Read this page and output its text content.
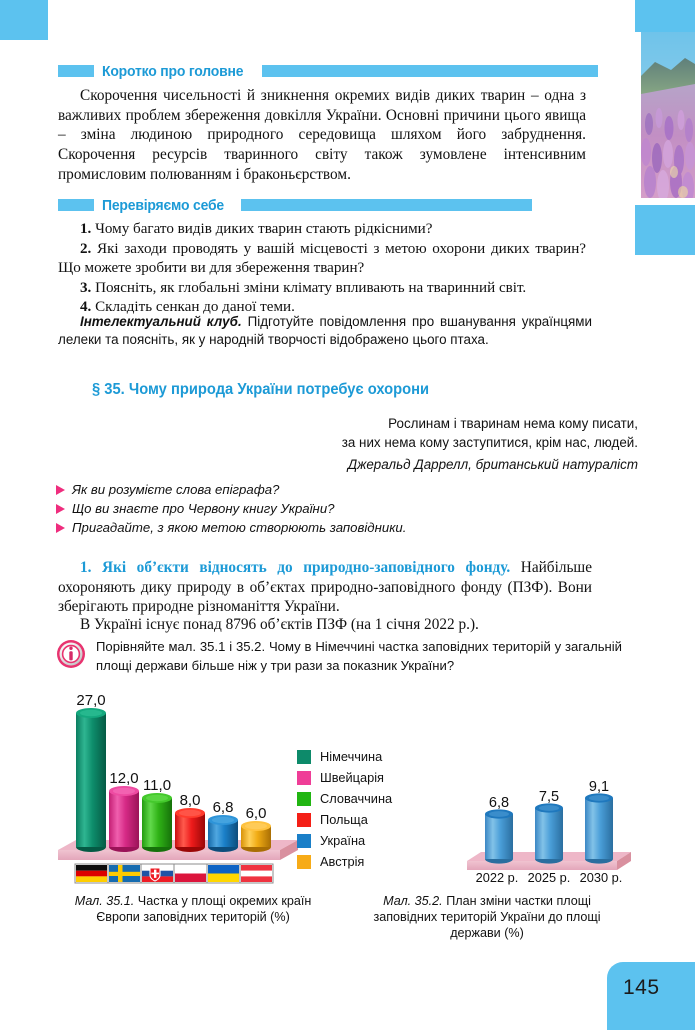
Коротко про головне
Скорочення чисельності й зникнення окремих видів диких тварин – одна з важливих проблем збереження довкілля України. Основні причини цього явища – зміна людиною природного середовища шляхом його забруднення. Скорочення ресурсів тваринного світу також зумовлене інтенсивним промисловим полюванням і браконьєрством.
Перевіряємо себе
1. Чому багато видів диких тварин стають рідкісними?
2. Які заходи проводять у вашій місцевості з метою охорони диких тварин? Що можете зробити ви для збереження тварин?
3. Поясніть, як глобальні зміни клімату впливають на тваринний світ.
4. Складіть сенкан до даної теми.
Інтелектуальний клуб. Підготуйте повідомлення про вшанування українцями лелеки та поясніть, як у народній творчості відображено цього птаха.
§ 35. Чому природа України потребує охорони
Рослинам і тваринам нема кому писати,
за них нема кому заступитися, крім нас, людей.
Джеральд Даррелл, британський натураліст
Як ви розумієте слова епіграфа?
Що ви знаєте про Червону книгу України?
Пригадайте, з якою метою створюють заповідники.
1. Які об’єкти відносять до природно-заповідного фонду. Найбільше охороняють дику природу в об’єктах природно-заповідного фонду (ПЗФ). Вони зберігають природне різноманіття України.
В Україні існує понад 8796 об’єктів ПЗФ (на 1 січня 2022 р.).
Порівняйте мал. 35.1 і 35.2. Чому в Німеччині частка заповідних територій у загальній площі держави більше ніж у три рази за показник України?
27,0
12,0 11,0
8,0 6,8 6,0
Німеччина
Швейцарія
Словаччина
Польща
Україна
Австрія
6,8 7,5
9,1
2022 р. 2025 р. 2030 р.
Мал. 35.1. Частка у площі окремих країн Європи заповідних територій (%)
Мал. 35.2. План зміни частки площі заповідних територій України до площі держави (%)
145
